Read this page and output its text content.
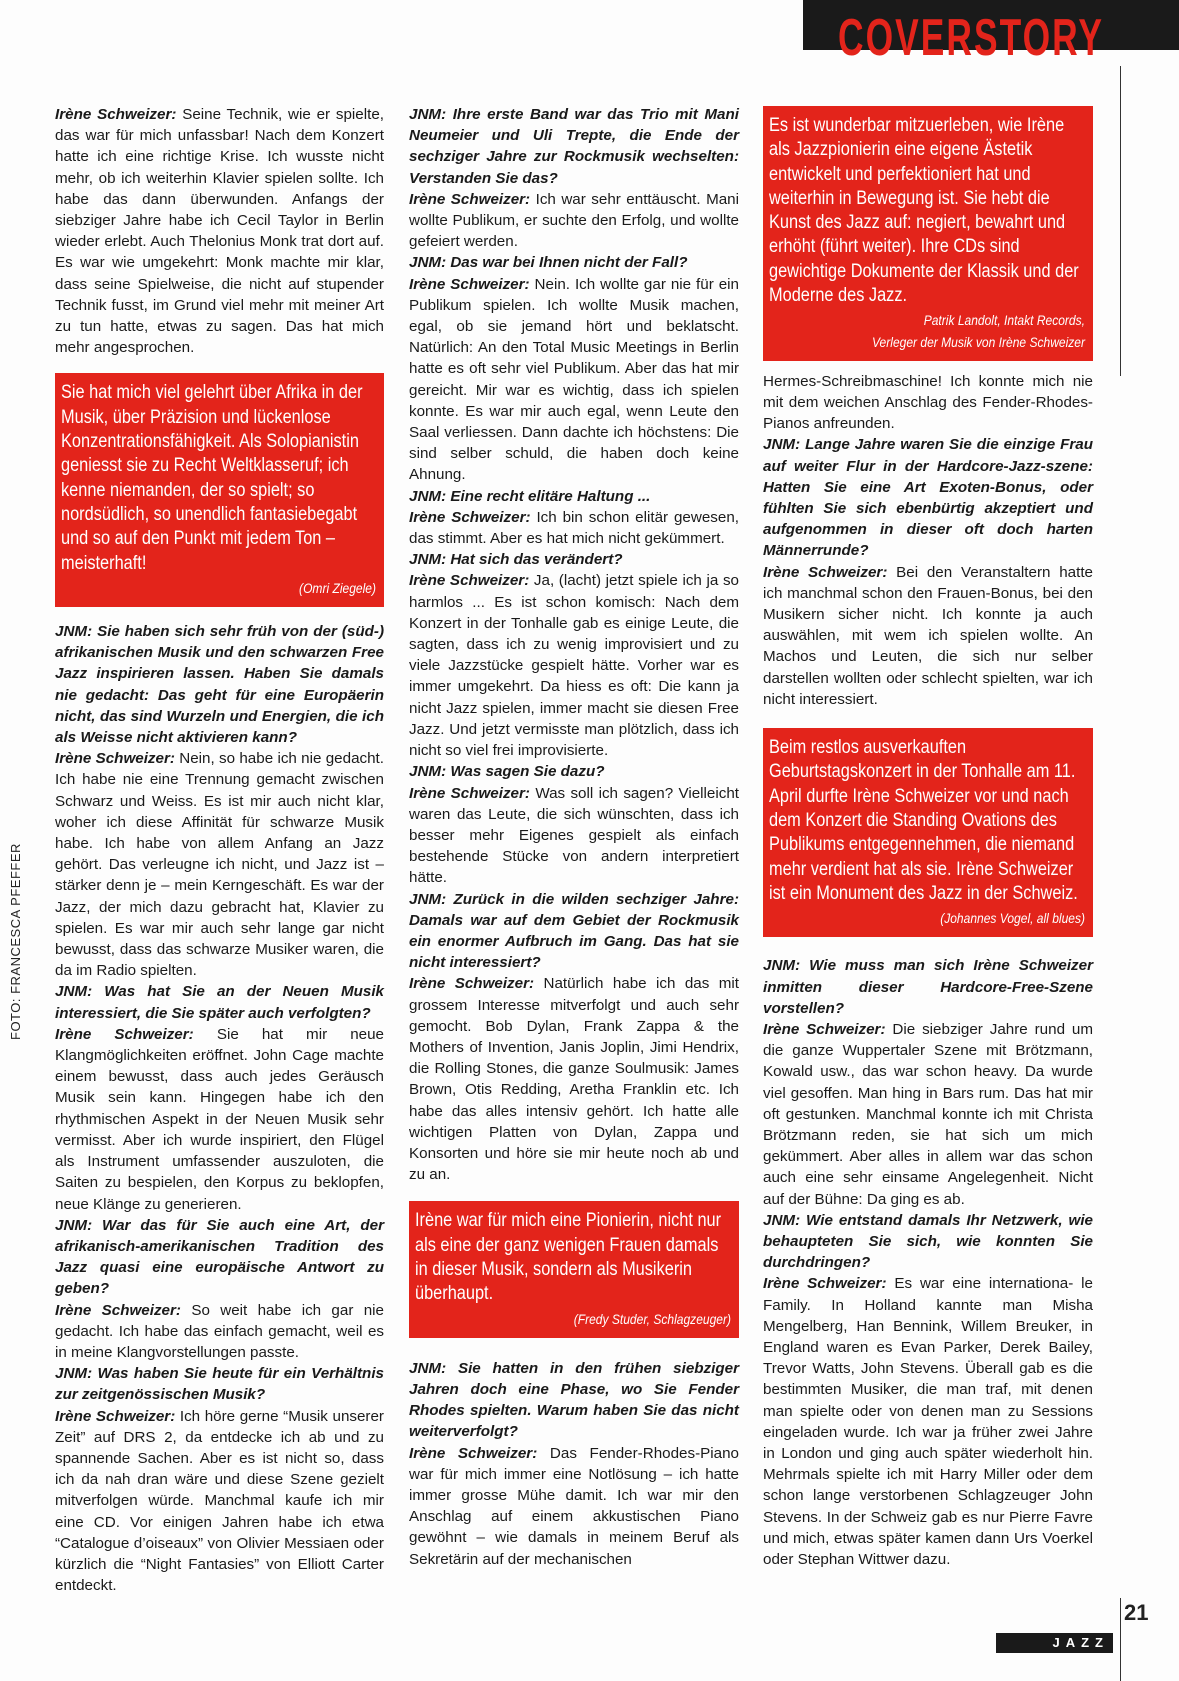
COVERSTORY
FOTO: FRANCESCA PFEFFER

Irène Schweizer: Seine Technik, wie er spielte, das war für mich unfassbar! Nach dem Konzert hatte ich eine richtige Krise. Ich wusste nicht mehr, ob ich weiterhin Klavier spielen sollte. Ich habe das dann überwunden. Anfangs der siebziger Jahre habe ich Cecil Taylor in Berlin wieder erlebt. Auch Thelonius Monk trat dort auf. Es war wie umgekehrt: Monk machte mir klar, dass seine Spielweise, die nicht auf stupender Technik fusst, im Grund viel mehr mit meiner Art zu tun hatte, etwas zu sagen. Das hat mich mehr angesprochen.

Sie hat mich viel gelehrt über Afrika in der Musik, über Präzision und lückenlose Konzentrationsfähigkeit. Als Solopianistin geniesst sie zu Recht Weltklasseruf; ich kenne niemanden, der so spielt; so nordsüdlich, so unendlich fantasiebegabt und so auf den Punkt mit jedem Ton – meisterhaft!
(Omri Ziegele)

JNM: Sie haben sich sehr früh von der (süd-) afrikanischen Musik und den schwarzen Free Jazz inspirieren lassen. Haben Sie damals nie gedacht: Das geht für eine Europäerin nicht, das sind Wurzeln und Energien, die ich als Weisse nicht aktivieren kann?

Irène Schweizer: Nein, so habe ich nie gedacht. Ich habe nie eine Trennung gemacht zwischen Schwarz und Weiss. Es ist mir auch nicht klar, woher ich diese Affinität für schwarze Musik habe. Ich habe von allem Anfang an Jazz gehört. Das verleugne ich nicht, und Jazz ist – stärker denn je – mein Kerngeschäft. Es war der Jazz, der mich dazu gebracht hat, Klavier zu spielen. Es war mir auch sehr lange gar nicht bewusst, dass das schwarze Musiker waren, die da im Radio spielten.

JNM: Was hat Sie an der Neuen Musik interessiert, die Sie später auch verfolgten?

Irène Schweizer: Sie hat mir neue Klangmöglichkeiten eröffnet. John Cage machte einem bewusst, dass auch jedes Geräusch Musik sein kann. Hingegen habe ich den rhythmischen Aspekt in der Neuen Musik sehr vermisst. Aber ich wurde inspiriert, den Flügel als Instrument umfassender auszuloten, die Saiten zu bespielen, den Korpus zu beklopfen, neue Klänge zu generieren.

JNM: War das für Sie auch eine Art, der afrikanisch-amerikanischen Tradition des Jazz quasi eine europäische Antwort zu geben?

Irène Schweizer: So weit habe ich gar nie gedacht. Ich habe das einfach gemacht, weil es in meine Klangvorstellungen passte.

JNM: Was haben Sie heute für ein Verhältnis zur zeitgenössischen Musik?

Irène Schweizer: Ich höre gerne “Musik unserer Zeit” auf DRS 2, da entdecke ich ab und zu spannende Sachen. Aber es ist nicht so, dass ich da nah dran wäre und diese Szene gezielt mitverfolgen würde. Manchmal kaufe ich mir eine CD. Vor einigen Jahren habe ich etwa “Catalogue d’oiseaux” von Olivier Messiaen oder kürzlich die “Night Fantasies” von Elliott Carter entdeckt.

JNM: Ihre erste Band war das Trio mit Mani Neumeier und Uli Trepte, die Ende der sechziger Jahre zur Rockmusik wechselten: Verstanden Sie das?

Irène Schweizer: Ich war sehr enttäuscht. Mani wollte Publikum, er suchte den Erfolg, und wollte gefeiert werden.

JNM: Das war bei Ihnen nicht der Fall?

Irène Schweizer: Nein. Ich wollte gar nie für ein Publikum spielen. Ich wollte Musik machen, egal, ob sie jemand hört und beklatscht. Natürlich: An den Total Music Meetings in Berlin hatte es oft sehr viel Publikum. Aber das hat mir gereicht. Mir war es wichtig, dass ich spielen konnte. Es war mir auch egal, wenn Leute den Saal verliessen. Dann dachte ich höchstens: Die sind selber schuld, die haben doch keine Ahnung.

JNM: Eine recht elitäre Haltung ...

Irène Schweizer: Ich bin schon elitär gewesen, das stimmt. Aber es hat mich nicht gekümmert.

JNM: Hat sich das verändert?

Irène Schweizer: Ja, (lacht) jetzt spiele ich ja so harmlos ... Es ist schon komisch: Nach dem Konzert in der Tonhalle gab es einige Leute, die sagten, dass ich zu wenig improvisiert und zu viele Jazzstücke gespielt hätte. Vorher war es immer umgekehrt. Da hiess es oft: Die kann ja nicht Jazz spielen, immer macht sie diesen Free Jazz. Und jetzt vermisste man plötzlich, dass ich nicht so viel frei improvisierte.

JNM: Was sagen Sie dazu?

Irène Schweizer: Was soll ich sagen? Vielleicht waren das Leute, die sich wünschten, dass ich besser mehr Eigenes gespielt als einfach bestehende Stücke von andern interpretiert hätte.

JNM: Zurück in die wilden sechziger Jahre: Damals war auf dem Gebiet der Rockmusik ein enormer Aufbruch im Gang. Das hat sie nicht interessiert?

Irène Schweizer: Natürlich habe ich das mit grossem Interesse mitverfolgt und auch sehr gemocht. Bob Dylan, Frank Zappa & the Mothers of Invention, Janis Joplin, Jimi Hendrix, die Rolling Stones, die ganze Soulmusik: James Brown, Otis Redding, Aretha Franklin etc. Ich habe das alles intensiv gehört. Ich hatte alle wichtigen Platten von Dylan, Zappa und Konsorten und höre sie mir heute noch ab und zu an.

Irène war für mich eine Pionierin, nicht nur als eine der ganz wenigen Frauen damals in dieser Musik, sondern als Musikerin überhaupt.
(Fredy Studer, Schlagzeuger)

JNM: Sie hatten in den frühen siebziger Jahren doch eine Phase, wo Sie Fender Rhodes spielten. Warum haben Sie das nicht weiterverfolgt?

Irène Schweizer: Das Fender-Rhodes-Piano war für mich immer eine Notlösung – ich hatte immer grosse Mühe damit. Ich war mir den Anschlag auf einem akkustischen Piano gewöhnt – wie damals in meinem Beruf als Sekretärin auf der mechanischen

Es ist wunderbar mitzuerleben, wie Irène als Jazzpionierin eine eigene Ästetik entwickelt und perfektioniert hat und weiterhin in Bewegung ist. Sie hebt die Kunst des Jazz auf: negiert, bewahrt und erhöht (führt weiter). Ihre CDs sind gewichtige Dokumente der Klassik und der Moderne des Jazz.
Patrik Landolt, Intakt Records,
Verleger der Musik von Irène Schweizer

Hermes-Schreibmaschine! Ich konnte mich nie mit dem weichen Anschlag des Fender-Rhodes-Pianos anfreunden.

JNM: Lange Jahre waren Sie die einzige Frau auf weiter Flur in der Hardcore-Jazz-szene: Hatten Sie eine Art Exoten-Bonus, oder fühlten Sie sich ebenbürtig akzeptiert und aufgenommen in dieser oft doch harten Männerrunde?

Irène Schweizer: Bei den Veranstaltern hatte ich manchmal schon den Frauen-Bonus, bei den Musikern sicher nicht. Ich konnte ja auch auswählen, mit wem ich spielen wollte. An Machos und Leuten, die sich nur selber darstellen wollten oder schlecht spielten, war ich nicht interessiert.

Beim restlos ausverkauften Geburtstagskonzert in der Tonhalle am 11. April durfte Irène Schweizer vor und nach dem Konzert die Standing Ovations des Publikums entgegennehmen, die niemand mehr verdient hat als sie. Irène Schweizer ist ein Monument des Jazz in der Schweiz.
(Johannes Vogel, all blues)

JNM: Wie muss man sich Irène Schweizer inmitten dieser Hardcore-Free-Szene vorstellen?

Irène Schweizer: Die siebziger Jahre rund um die ganze Wuppertaler Szene mit Brötzmann, Kowald usw., das war schon heavy. Da wurde viel gesoffen. Man hing in Bars rum. Das hat mir oft gestunken. Manchmal konnte ich mit Christa Brötzmann reden, sie hat sich um mich gekümmert. Aber alles in allem war das schon auch eine sehr einsame Angelegenheit. Nicht auf der Bühne: Da ging es ab.

JNM: Wie entstand damals Ihr Netzwerk, wie behaupteten Sie sich, wie konnten Sie durchdringen?

Irène Schweizer: Es war eine internationa- le Family. In Holland kannte man Misha Mengelberg, Han Bennink, Willem Breuker, in England waren es Evan Parker, Derek Bailey, Trevor Watts, John Stevens. Überall gab es die bestimmten Musiker, die man traf, mit denen man spielte oder von denen man zu Sessions eingeladen wurde. Ich war ja früher zwei Jahre in London und ging auch später wiederholt hin. Mehrmals spielte ich mit Harry Miller oder dem schon lange verstorbenen Schlagzeuger John Stevens. In der Schweiz gab es nur Pierre Favre und mich, etwas später kamen dann Urs Voerkel oder Stephan Wittwer dazu.

21
JAZZ
